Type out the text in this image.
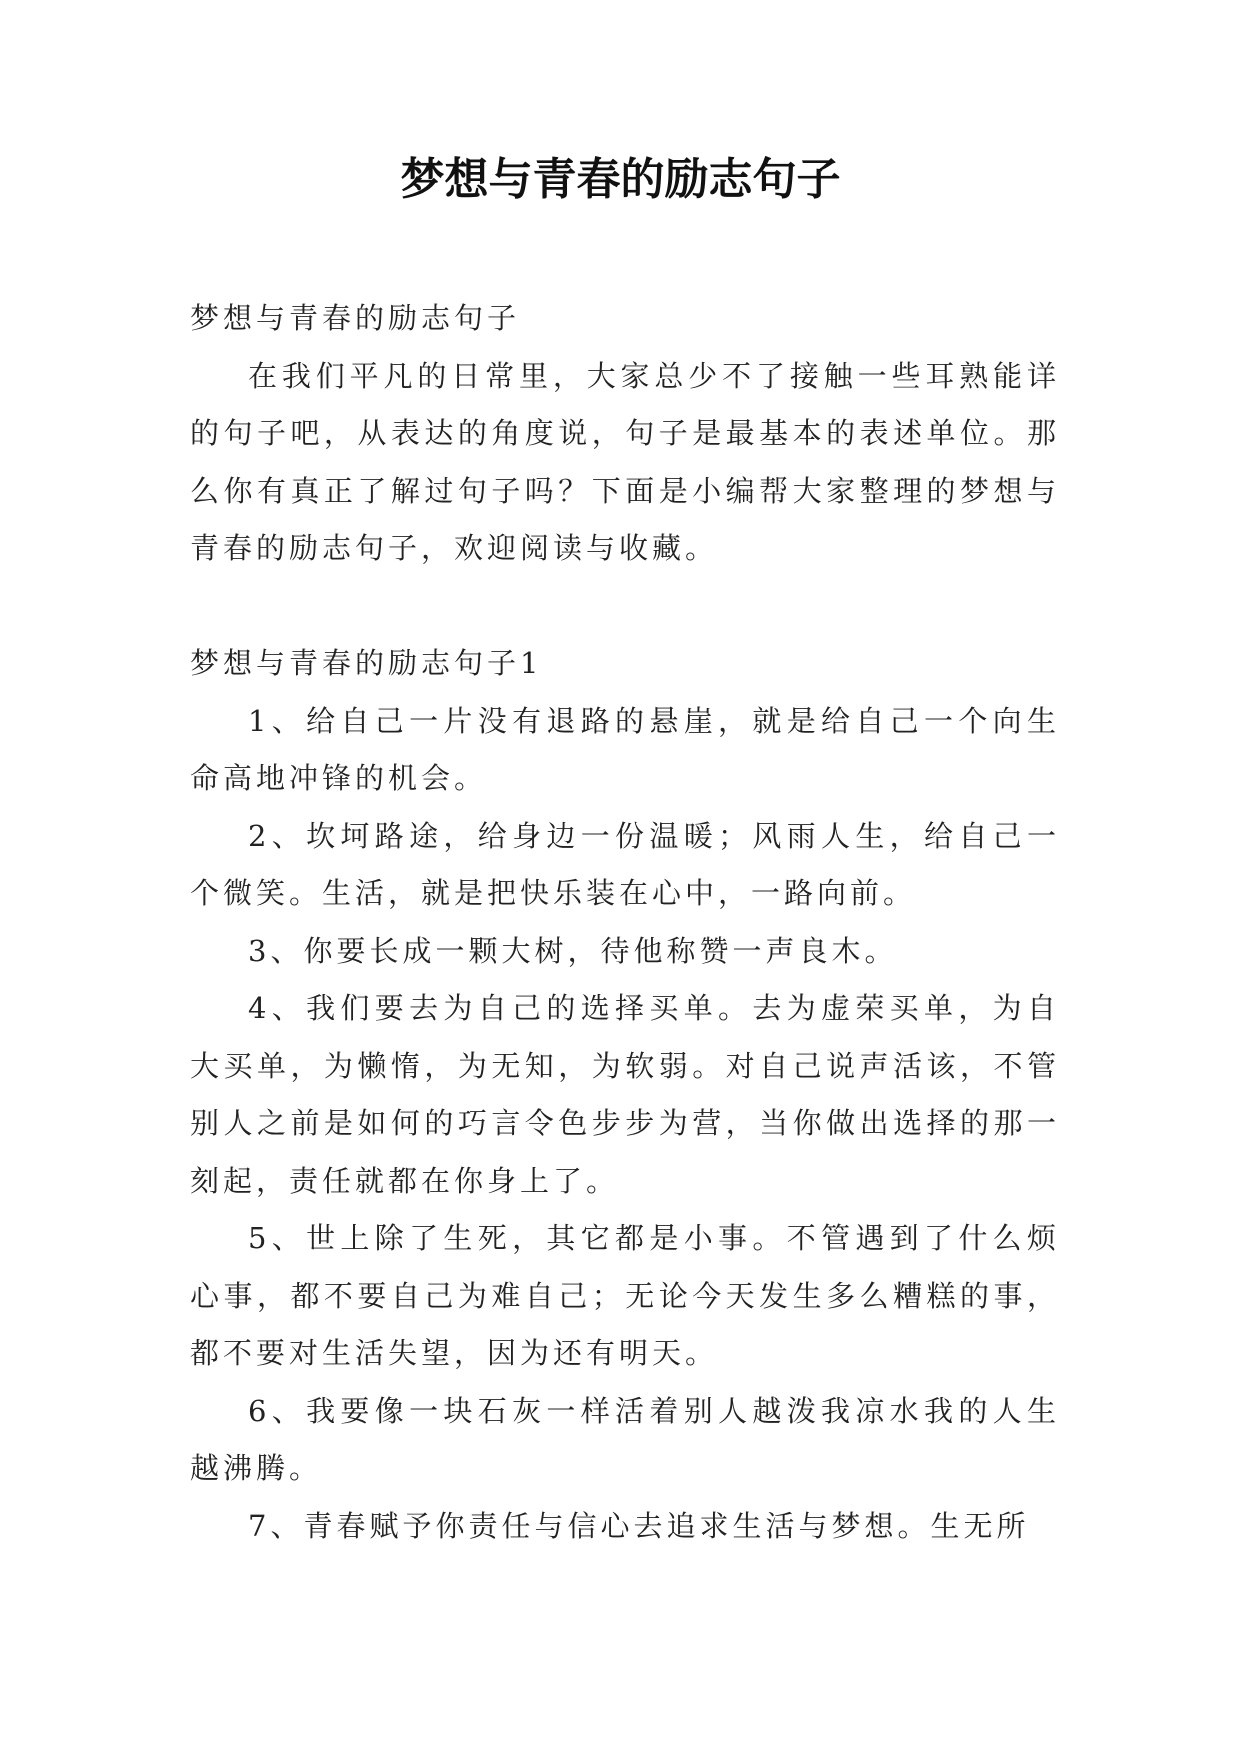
梦想与青春的励志句子

梦想与青春的励志句子

在我们平凡的日常里，大家总少不了接触一些耳熟能详的句子吧，从表达的角度说，句子是最基本的表述单位。那么你有真正了解过句子吗？下面是小编帮大家整理的梦想与青春的励志句子，欢迎阅读与收藏。

梦想与青春的励志句子1

1、给自己一片没有退路的悬崖，就是给自己一个向生命高地冲锋的机会。

2、坎坷路途，给身边一份温暖；风雨人生，给自己一个微笑。生活，就是把快乐装在心中，一路向前。

3、你要长成一颗大树，待他称赞一声良木。

4、我们要去为自己的选择买单。去为虚荣买单，为自大买单，为懒惰，为无知，为软弱。对自己说声活该，不管别人之前是如何的巧言令色步步为营，当你做出选择的那一刻起，责任就都在你身上了。

5、世上除了生死，其它都是小事。不管遇到了什么烦心事，都不要自己为难自己；无论今天发生多么糟糕的事，都不要对生活失望，因为还有明天。

6、我要像一块石灰一样活着别人越泼我凉水我的人生越沸腾。

7、青春赋予你责任与信心去追求生活与梦想。生无所
